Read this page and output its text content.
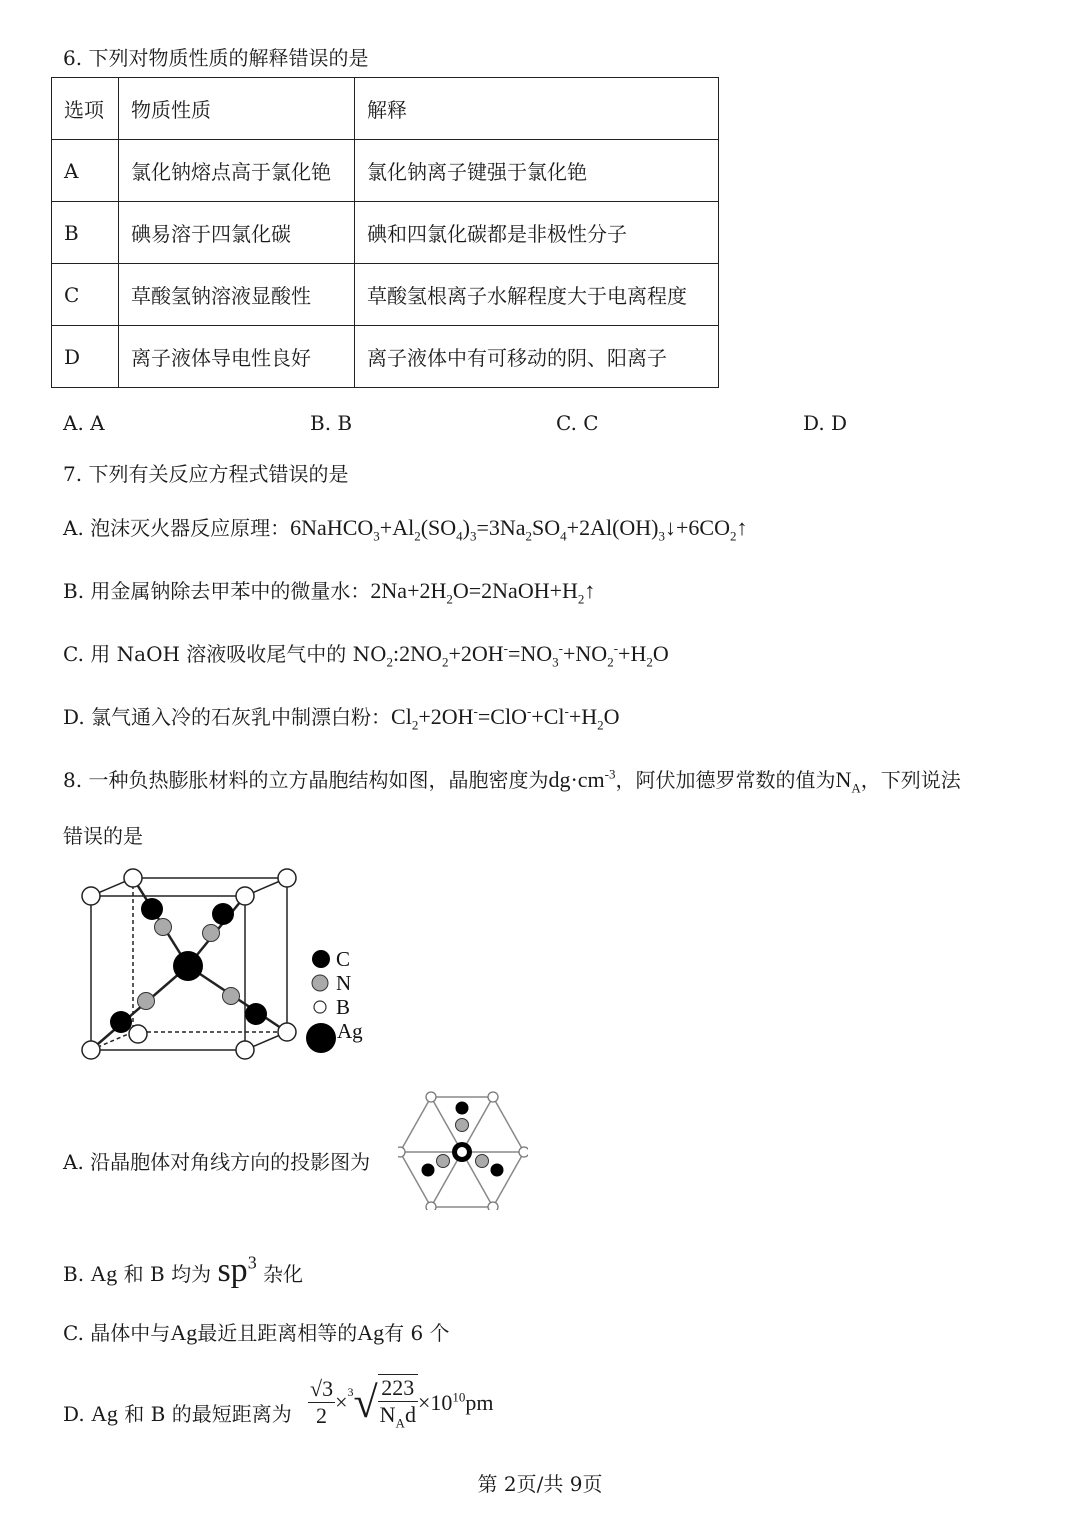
6. 下列对物质性质的解释错误的是
选项	物质性质	解释
A	氯化钠熔点高于氯化铯	氯化钠离子键强于氯化铯
B	碘易溶于四氯化碳	碘和四氯化碳都是非极性分子
C	草酸氢钠溶液显酸性	草酸氢根离子水解程度大于电离程度
D	离子液体导电性良好	离子液体中有可移动的阴、阳离子
A. A	B. B	C. C	D. D
7. 下列有关反应方程式错误的是
A. 泡沫灭火器反应原理：$6NaHCO_3+Al_2(SO_4)_3=3Na_2SO_4+2Al(OH)_3↓+6CO_2↑$
B. 用金属钠除去甲苯中的微量水：$2Na+2H_2O=2NaOH+H_2↑$
C. 用 NaOH 溶液吸收尾气中的 $NO_2:2NO_2+2OH^-=NO_3^-+NO_2^-+H_2O$
D. 氯气通入冷的石灰乳中制漂白粉：$Cl_2+2OH^-=ClO^-+Cl^-+H_2O$
8. 一种负热膨胀材料的立方晶胞结构如图，晶胞密度为$dg\cdot cm^{-3}$，阿伏加德罗常数的值为$N_A$，下列说法
错误的是
C
N
B
Ag
A. 沿晶胞体对角线方向的投影图为
B. Ag 和 B 均为 $sp^3$ 杂化
C. 晶体中与Ag最近且距离相等的Ag有 6 个
D. Ag 和 B 的最短距离为 $\frac{√3}{2} \times^3√ \frac{223}{N_Ad} \times 10^{10}pm$
第 2页/共 9页
